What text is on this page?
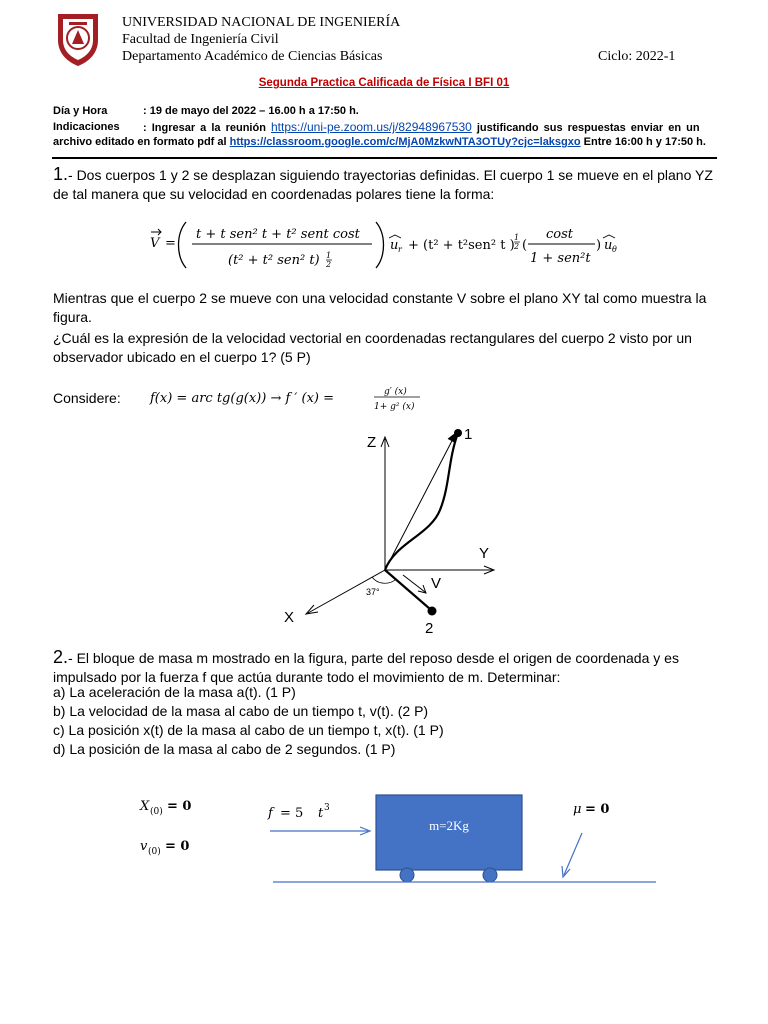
UNIVERSIDAD NACIONAL DE INGENIERÍA
Facultad de Ingeniería Civil
Departamento Académico de Ciencias Básicas	Ciclo: 2022-1
Segunda Practica Calificada de Física I BFI 01
Día y Hora	: 19 de mayo del 2022 – 16.00 h a 17:50 h.
Indicaciones : Ingresar a la reunión https://uni-pe.zoom.us/j/82948967530 justificando sus respuestas enviar en un
archivo editado en formato pdf al https://classroom.google.com/c/MjA0MzkwNTA3OTUy?cjc=laksgxo Entre 16:00 h y 17:50 h.
1.- Dos cuerpos 1 y 2 se desplazan siguiendo trayectorias definidas. El cuerpo 1 se mueve en el plano YZ de tal manera que su velocidad en coordenadas polares tiene la forma:
V =
t + t sen² t + t² sent cost
(t² + t² sen² t) 1
2
u r + (t² + t²sen² t )
1
2 (
cost
1 + sen²t
) u θ
Mientras que el cuerpo 2 se mueve con una velocidad constante V sobre el plano XY tal como muestra la figura.
¿Cuál es la expresión de la velocidad vectorial en coordenadas rectangulares del cuerpo 2 visto por un observador ubicado en el cuerpo 1? (5 P)
Considere:	f(x) = arc tg(g(x)) → f ′ (x) =	g′ (x)
1+ g² (x)
Z
Y
X
1
2
V
37°
2.- El bloque de masa m mostrado en la figura, parte del reposo desde el origen de coordenada y es impulsado por la fuerza f que actúa durante todo el movimiento de m. Determinar:
a) La aceleración de la masa a(t). (1 P)
b) La velocidad de la masa al cabo de un tiempo t, v(t). (2 P)
c) La posición x(t) de la masa al cabo de un tiempo t, x(t). (1 P)
d) La posición de la masa al cabo de 2 segundos. (1 P)
X (0) = 0
v (0) = 0
f = 5 t 3	μ = 0
m=2Kg
